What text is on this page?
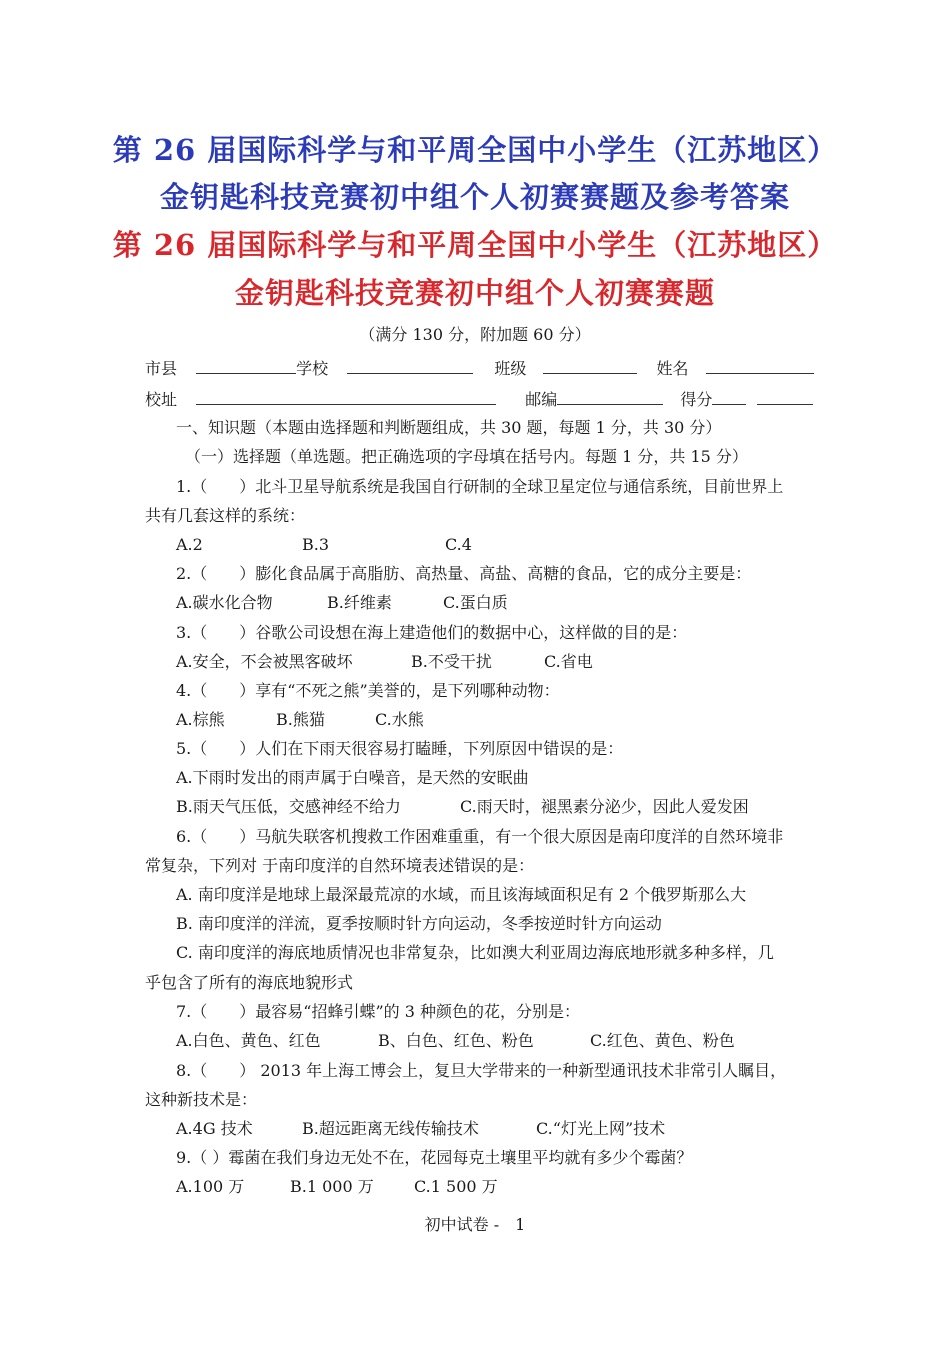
第 26 届国际科学与和平周全国中小学生（江苏地区）
金钥匙科技竞赛初中组个人初赛赛题及参考答案
第 26 届国际科学与和平周全国中小学生（江苏地区）
金钥匙科技竞赛初中组个人初赛赛题
（满分 130 分，附加题 60 分）
市县	学校	班级	姓名
校址	邮编	得分
一、知识题（本题由选择题和判断题组成，共 30 题，每题 1 分，共 30 分）
（一）选择题（单选题。把正确选项的字母填在括号内。每题 1 分，共 15 分）
1.（　　）北斗卫星导航系统是我国自行研制的全球卫星定位与通信系统，目前世界上
共有几套这样的系统：
A.2	B.3	C.4
2.（　　）膨化食品属于高脂肪、高热量、高盐、高糖的食品，它的成分主要是：
A.碳水化合物	B.纤维素	C.蛋白质
3.（　　）谷歌公司设想在海上建造他们的数据中心，这样做的目的是：
A.安全，不会被黑客破坏	B.不受干扰	C.省电
4.（　　）享有“不死之熊”美誉的，是下列哪种动物：
A.棕熊	B.熊猫	C.水熊
5.（　　）人们在下雨天很容易打瞌睡，下列原因中错误的是：
A.下雨时发出的雨声属于白噪音，是天然的安眠曲
B.雨天气压低，交感神经不给力	C.雨天时，褪黑素分泌少，因此人爱发困
6.（　　）马航失联客机搜救工作困难重重，有一个很大原因是南印度洋的自然环境非
常复杂，下列对 于南印度洋的自然环境表述错误的是：
A. 南印度洋是地球上最深最荒凉的水域，而且该海域面积足有 2 个俄罗斯那么大
B. 南印度洋的洋流，夏季按顺时针方向运动，冬季按逆时针方向运动
C. 南印度洋的海底地质情况也非常复杂，比如澳大利亚周边海底地形就多种多样，几
乎包含了所有的海底地貌形式
7.（　　）最容易“招蜂引蝶”的 3 种颜色的花，分别是：
A.白色、黄色、红色	B、白色、红色、粉色	C.红色、黄色、粉色
8.（　　） 2013 年上海工博会上，复旦大学带来的一种新型通讯技术非常引人瞩目，
这种新技术是：
A.4G 技术	B.超远距离无线传输技术	C.“灯光上网”技术
9.（ ）霉菌在我们身边无处不在，花园每克土壤里平均就有多少个霉菌？
A.100 万	B.1 000 万	C.1 500 万
初中试卷 -　1
